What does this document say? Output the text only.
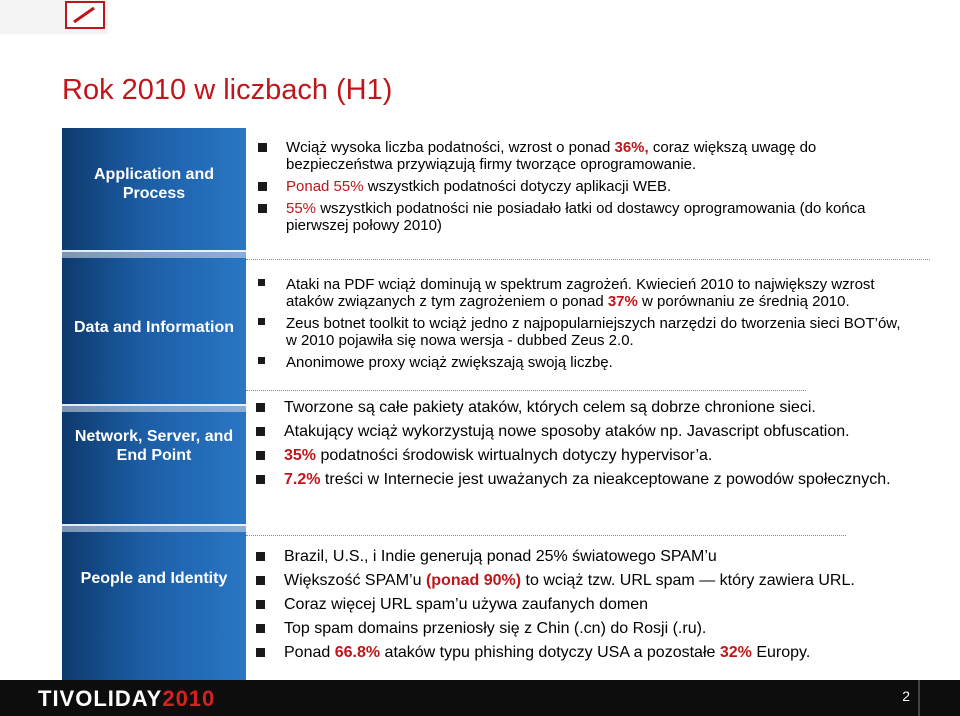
Rok 2010 w liczbach (H1)
Application and Process
Data and Information
Network, Server, and End Point
People and Identity
Wciąż wysoka liczba podatności, wzrost o ponad 36%, coraz większą uwagę do bezpieczeństwa przywiązują firmy tworzące oprogramowanie.
Ponad 55% wszystkich podatności dotyczy aplikacji WEB.
55% wszystkich podatności nie posiadało łatki od dostawcy oprogramowania (do końca pierwszej połowy 2010)
Ataki na PDF wciąż dominują w spektrum zagrożeń. Kwiecień 2010 to największy wzrost ataków związanych z tym zagrożeniem o ponad 37% w porównaniu ze średnią 2010.
Zeus botnet toolkit to wciąż jedno z najpopularniejszych narzędzi do tworzenia sieci BOT’ów, w 2010 pojawiła się nowa wersja - dubbed Zeus 2.0.
Anonimowe proxy wciąż zwiększają swoją liczbę.
Tworzone są całe pakiety ataków, których celem są dobrze chronione sieci.
Atakujący wciąż wykorzystują nowe sposoby ataków np. Javascript obfuscation.
35% podatności środowisk wirtualnych dotyczy hypervisor’a.
7.2% treści w Internecie jest uważanych za nieakceptowane z powodów społecznych.
Brazil, U.S., i Indie generują ponad 25% światowego SPAM’u
Większość SPAM’u (ponad 90%) to wciąż tzw. URL spam — który zawiera URL.
Coraz więcej URL spam’u używa zaufanych domen
Top spam domains przeniosły się z Chin (.cn) do Rosji (.ru).
Ponad 66.8% ataków typu phishing dotyczy USA a pozostałe 32% Europy.
TIVOLIDAY2010	2
